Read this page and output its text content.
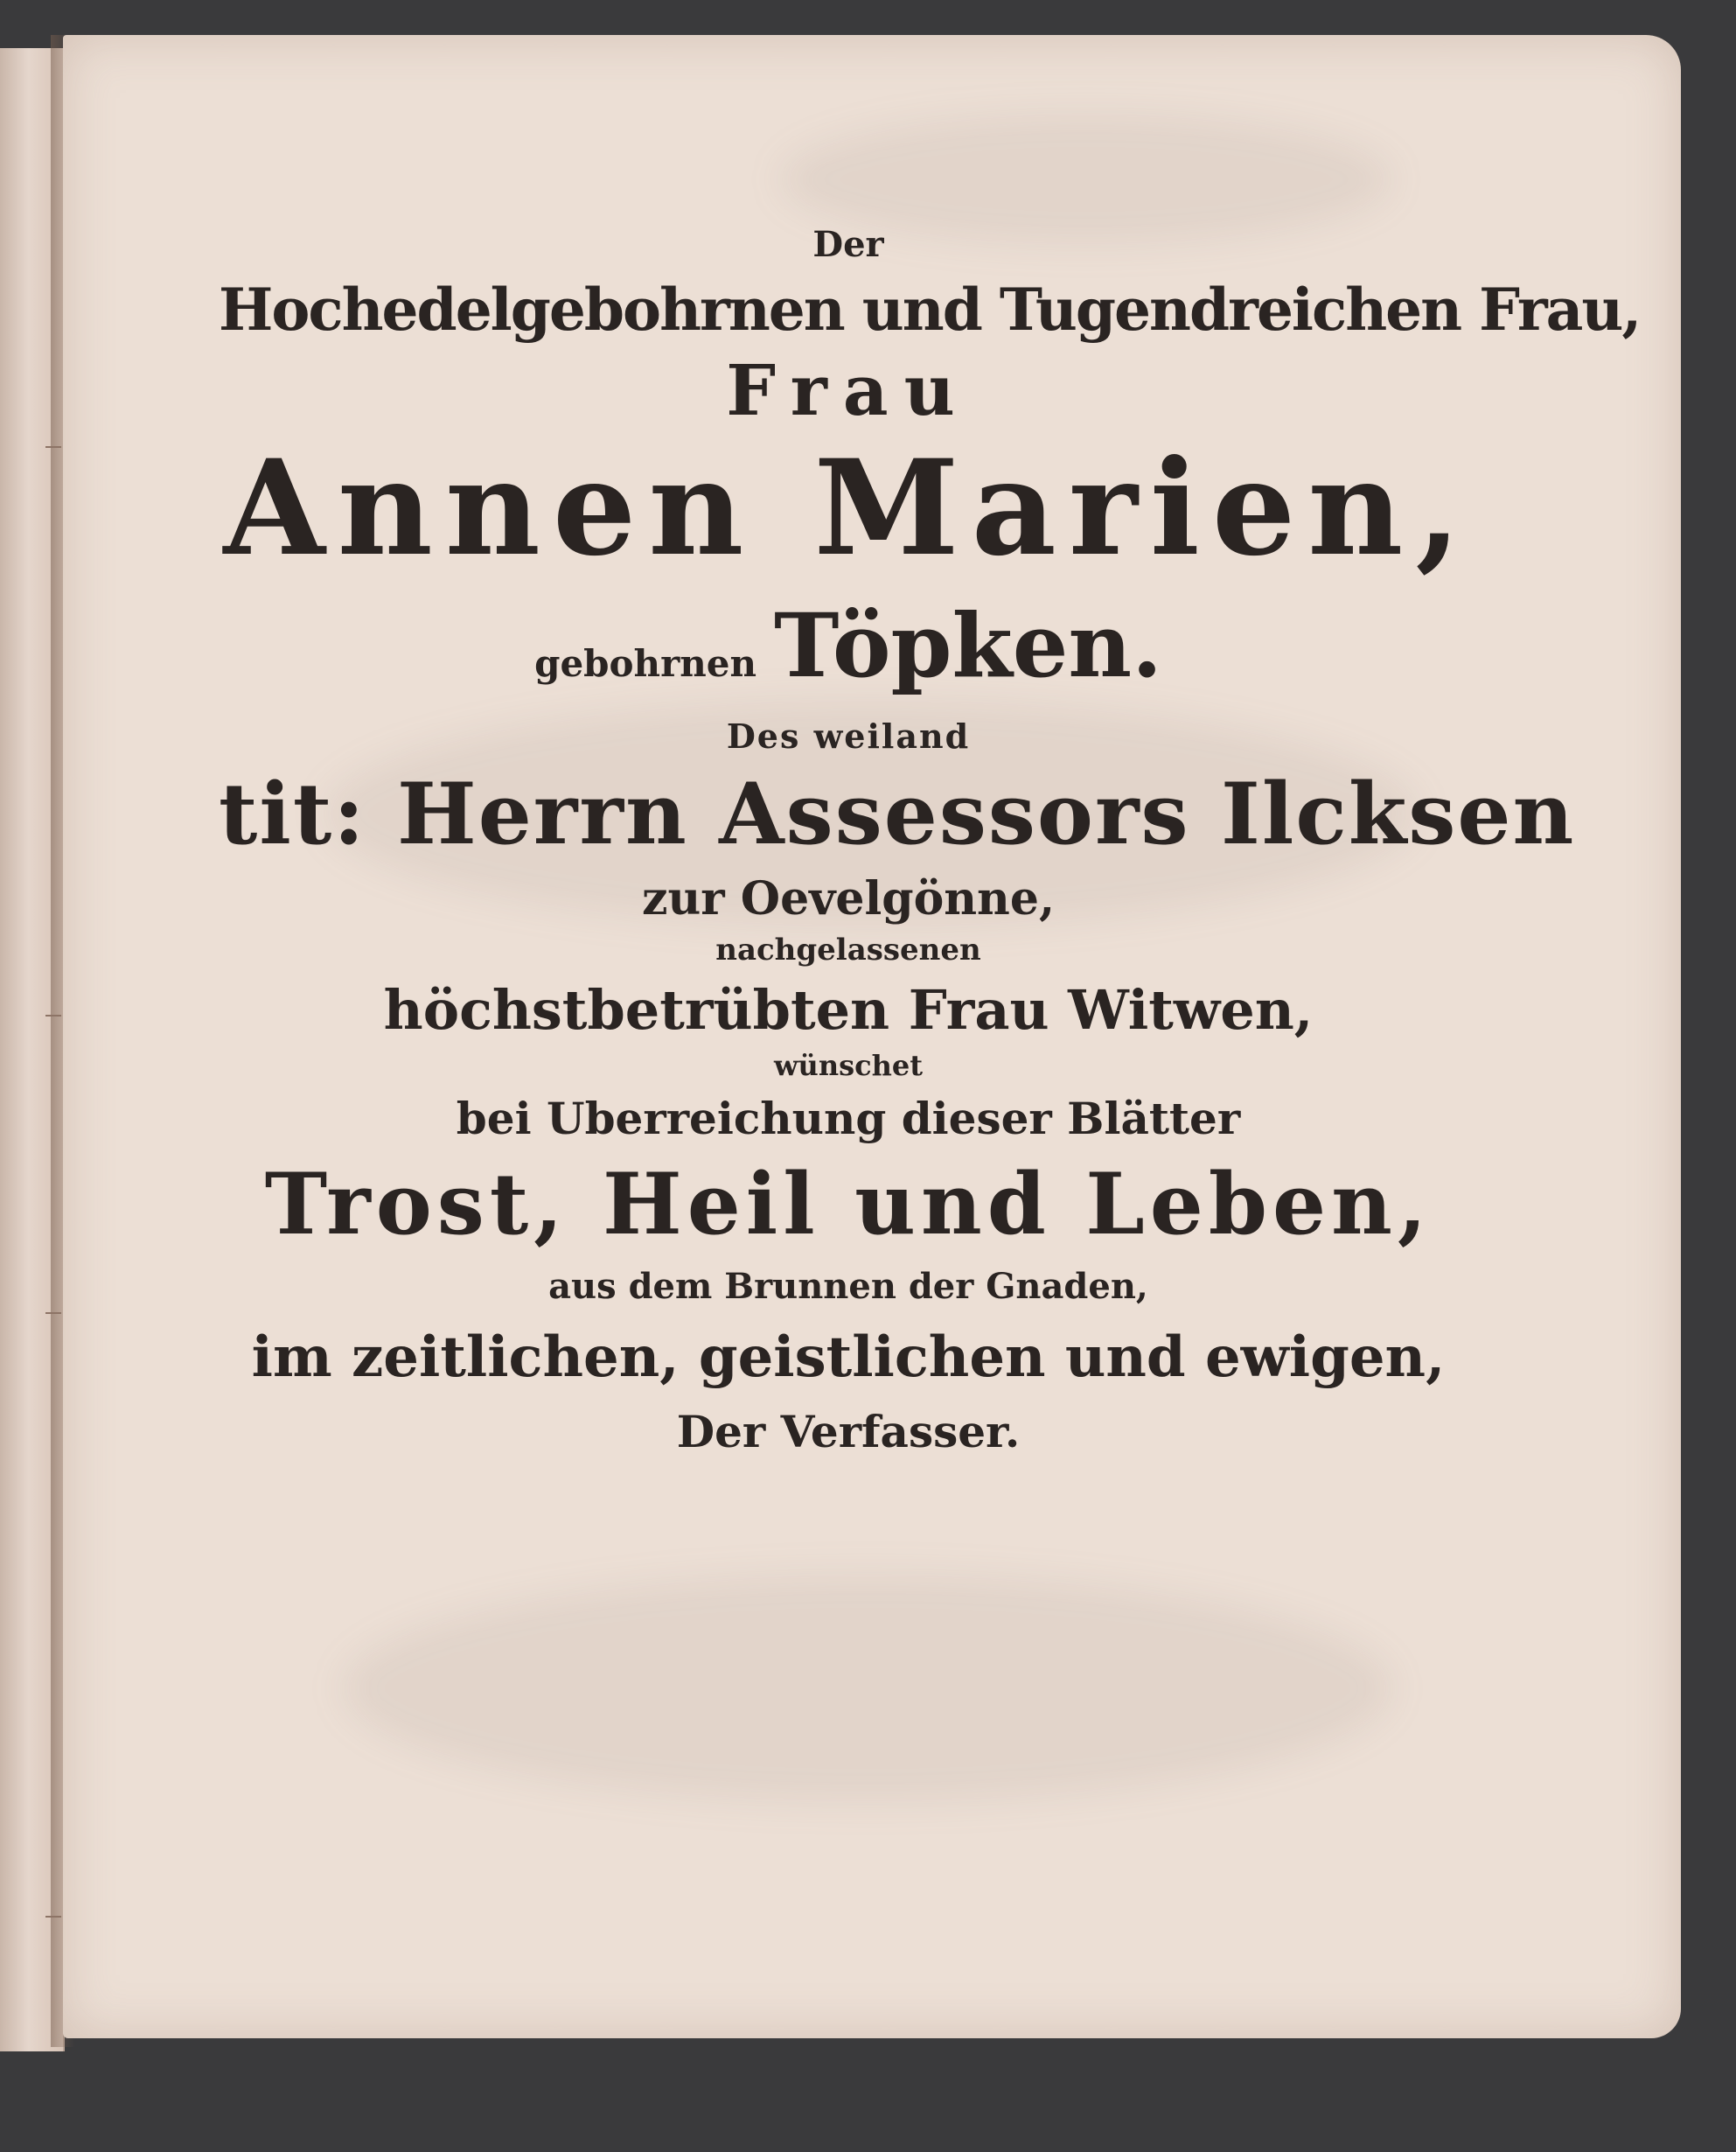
Der
Hochedelgebohrnen und Tugendreichen Frau,
Frau
Annen Marien,
gebohrnen Töpken.
Des weiland
tit: Herrn Assessors Ilcksen
zur Oevelgönne,
nachgelassenen
höchstbetrübten Frau Witwen,
wünschet
bei Uberreichung dieser Blätter
Trost, Heil und Leben,
aus dem Brunnen der Gnaden,
im zeitlichen, geistlichen und ewigen,
Der Verfasser.
